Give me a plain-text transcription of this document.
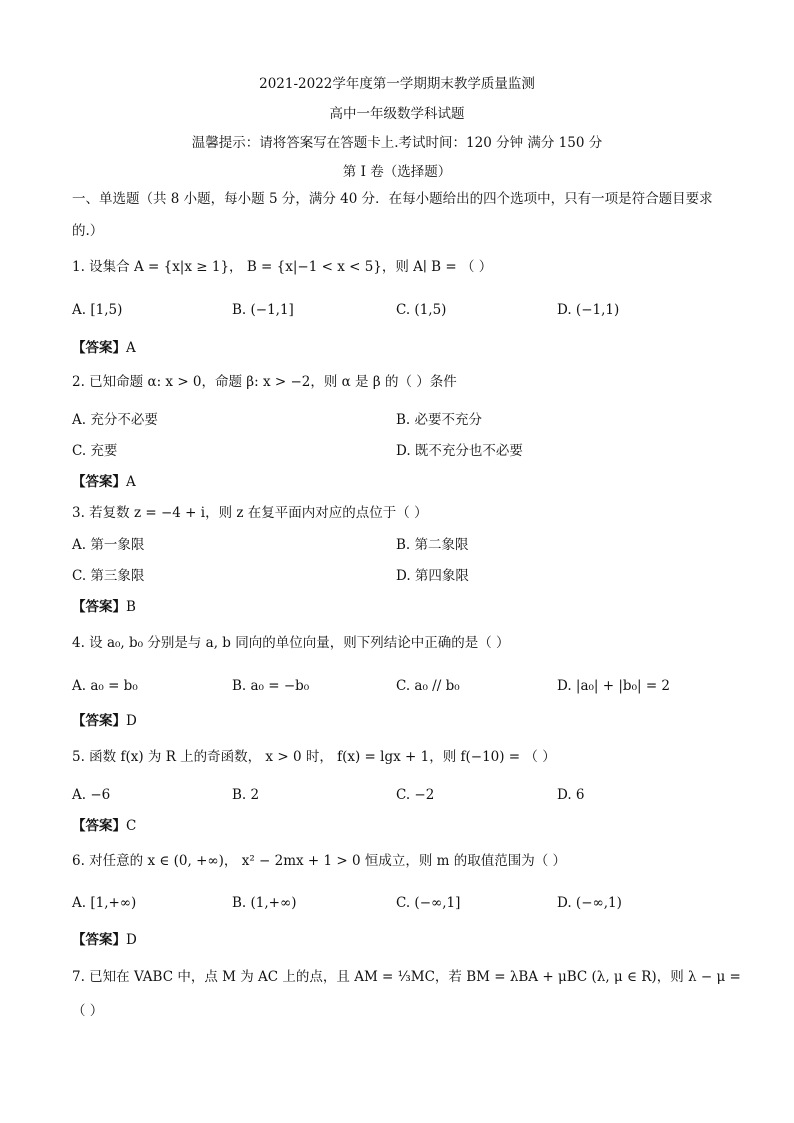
2021-2022学年度第一学期期末教学质量监测
高中一年级数学科试题
温馨提示：请将答案写在答题卡上.考试时间：120 分钟 满分 150 分
第 I 卷（选择题）
一、单选题（共 8 小题，每小题 5 分，满分 40 分．在每小题给出的四个选项中，只有一项是符合题目要求
的.）
1. 设集合 A = {x|x ≥ 1}， B = {x|−1 < x < 5}，则 A∣ B = （ ）
A. [1,5)	B. (−1,1]	C. (1,5)	D. (−1,1)
【答案】A
2. 已知命题 α: x > 0，命题 β: x > −2，则 α 是 β 的（ ）条件
A. 充分不必要	B. 必要不充分
C. 充要	D. 既不充分也不必要
【答案】A
3. 若复数 z = −4 + i，则 z 在复平面内对应的点位于（ ）
A. 第一象限	B. 第二象限
C. 第三象限	D. 第四象限
【答案】B
4. 设 a₀, b₀ 分别是与 a, b 同向的单位向量，则下列结论中正确的是（ ）
A. a₀ = b₀	B. a₀ = −b₀	C. a₀ // b₀	D. |a₀| + |b₀| = 2
【答案】D
5. 函数 f(x) 为 R 上的奇函数， x > 0 时， f(x) = lgx + 1，则 f(−10) = （ ）
A. −6	B. 2	C. −2	D. 6
【答案】C
6. 对任意的 x ∈ (0, +∞)， x² − 2mx + 1 > 0 恒成立，则 m 的取值范围为（ ）
A. [1,+∞)	B. (1,+∞)	C. (−∞,1]	D. (−∞,1)
【答案】D
7. 已知在 VABC 中，点 M 为 AC 上的点，且 AM = ⅓MC，若 BM = λBA + μBC (λ, μ ∈ R)，则 λ − μ =
（ ）
